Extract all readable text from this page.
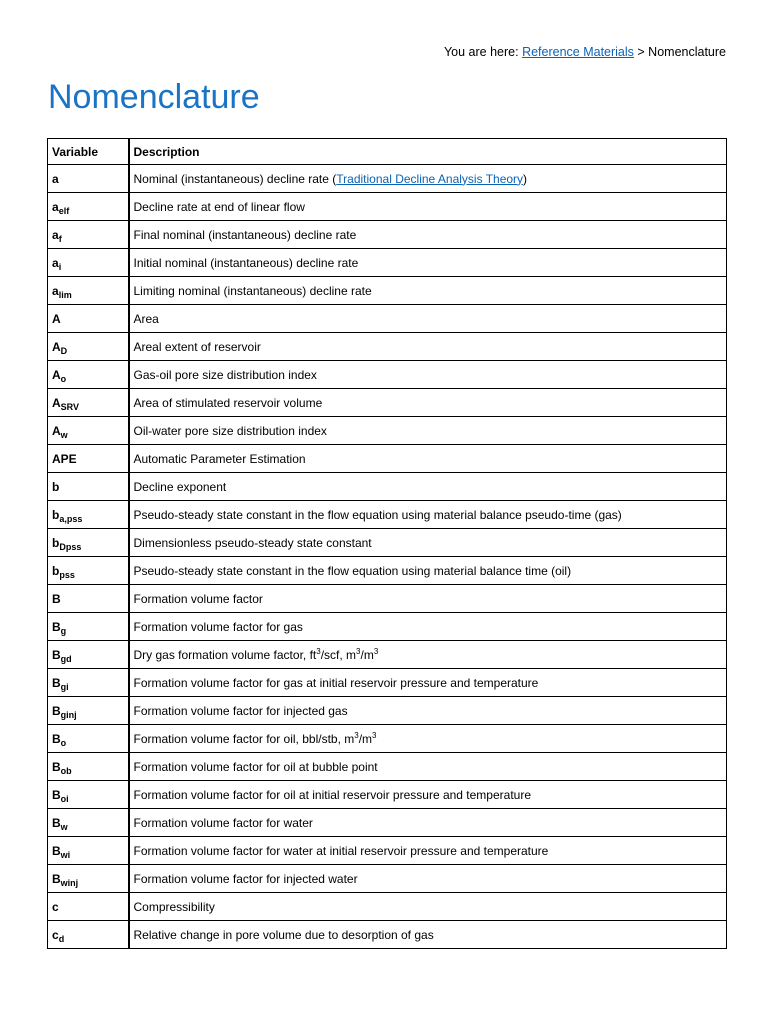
You are here: Reference Materials > Nomenclature
Nomenclature
Variable	Description
a	Nominal (instantaneous) decline rate (Traditional Decline Analysis Theory)
$a_{elf}$	Decline rate at end of linear flow
$a_f$	Final nominal (instantaneous) decline rate
$a_i$	Initial nominal (instantaneous) decline rate
$a_{lim}$	Limiting nominal (instantaneous) decline rate
A	Area
$A_D$	Areal extent of reservoir
$A_o$	Gas-oil pore size distribution index
$A_{SRV}$	Area of stimulated reservoir volume
$A_w$	Oil-water pore size distribution index
APE	Automatic Parameter Estimation
b	Decline exponent
$b_{a,pss}$	Pseudo-steady state constant in the flow equation using material balance pseudo-time (gas)
$b_{Dpss}$	Dimensionless pseudo-steady state constant
$b_{pss}$	Pseudo-steady state constant in the flow equation using material balance time (oil)
B	Formation volume factor
$B_g$	Formation volume factor for gas
$B_{gd}$	Dry gas formation volume factor, $ft^3$/scf, $m^3/m^3$
$B_{gi}$	Formation volume factor for gas at initial reservoir pressure and temperature
$B_{ginj}$	Formation volume factor for injected gas
$B_o$	Formation volume factor for oil, bbl/stb, $m^3/m^3$
$B_{ob}$	Formation volume factor for oil at bubble point
$B_{oi}$	Formation volume factor for oil at initial reservoir pressure and temperature
$B_w$	Formation volume factor for water
$B_{wi}$	Formation volume factor for water at initial reservoir pressure and temperature
$B_{winj}$	Formation volume factor for injected water
c	Compressibility
$c_d$	Relative change in pore volume due to desorption of gas
